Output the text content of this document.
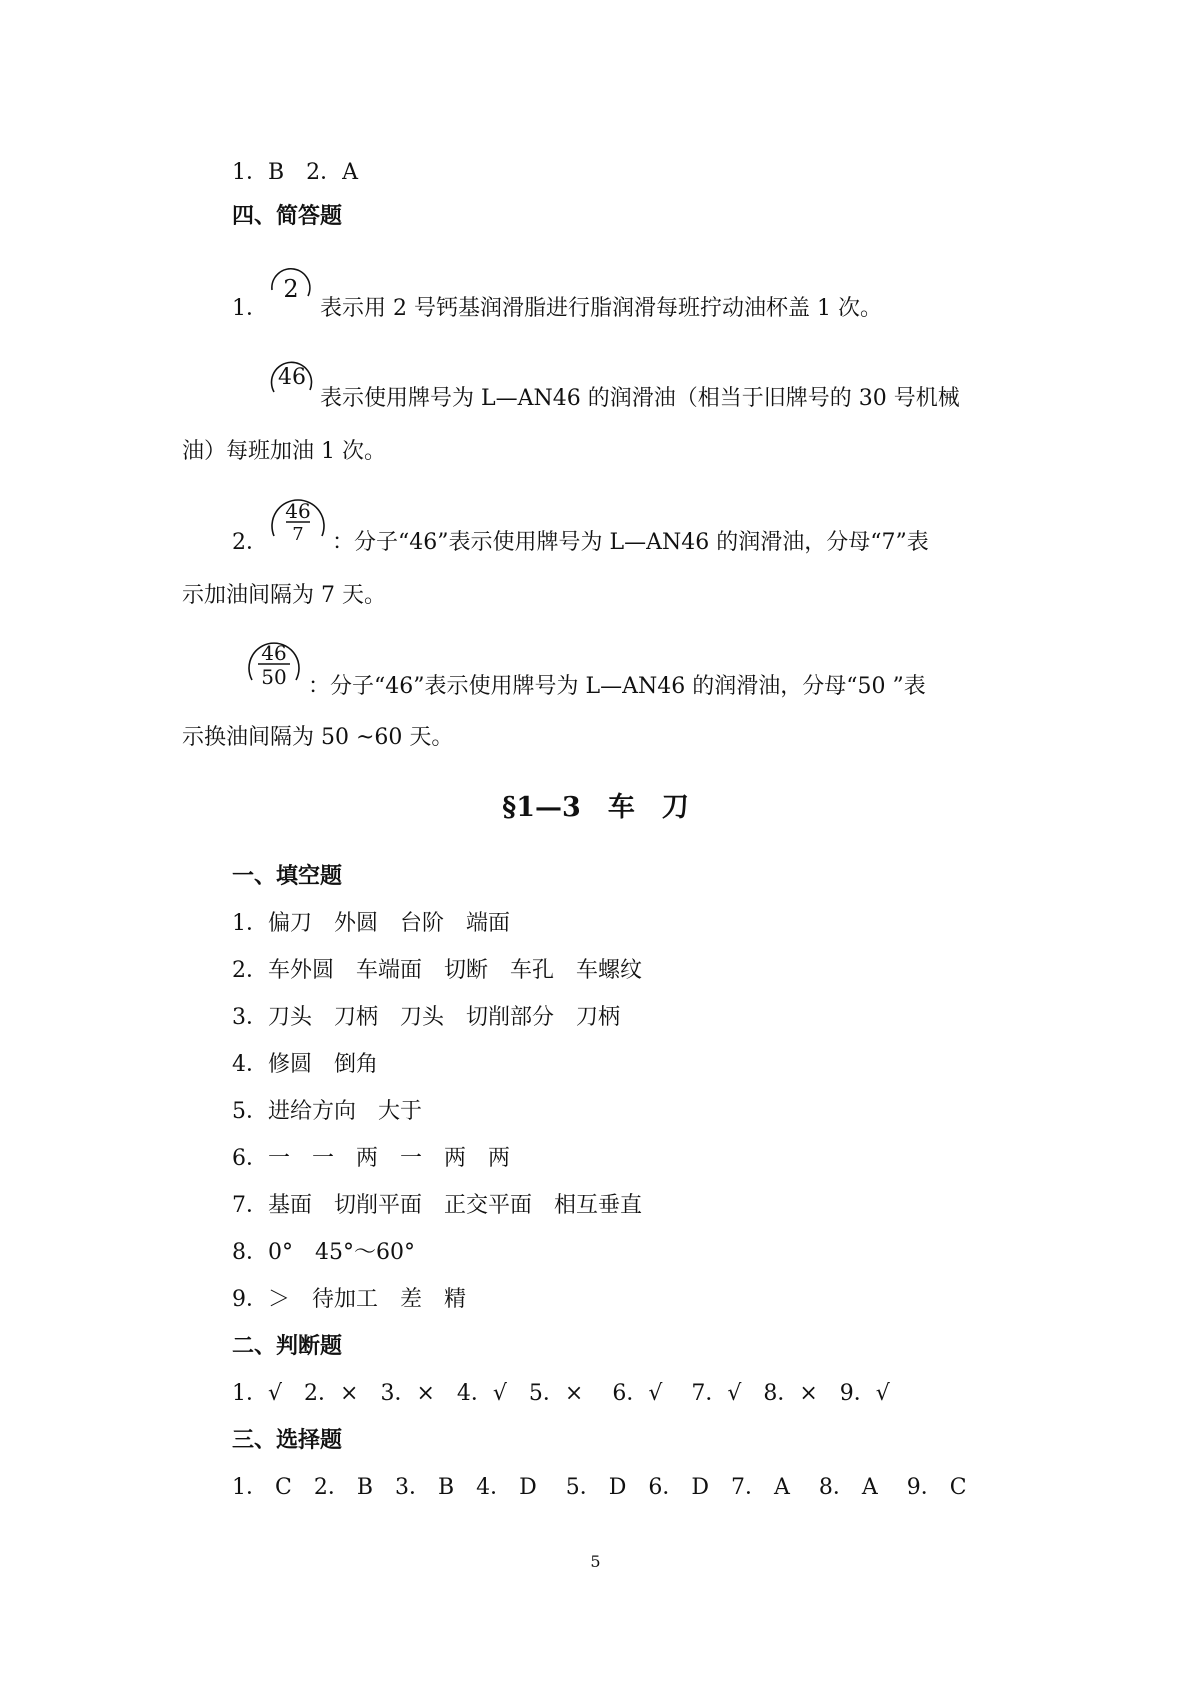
1．B　2．A
四、简答题
1．
2
表示用 2 号钙基润滑脂进行脂润滑每班拧动油杯盖 1 次。
46
表示使用牌号为 L—AN46 的润滑油（相当于旧牌号的 30 号机械
油）每班加油 1 次。
2．
46
7 ：分子“46”表示使用牌号为 L—AN46 的润滑油，分母“7”表
示加油间隔为 7 天。
46
50 ：分子“46”表示使用牌号为 L—AN46 的润滑油，分母“50 ”表
示换油间隔为 50 ~60 天。
§1—3　车　刀
一、填空题
1．偏刀　外圆　台阶　端面
2．车外圆　车端面　切断　车孔　车螺纹
3．刀头　刀柄　刀头　切削部分　刀柄
4．修圆　倒角
5．进给方向　大于
6．一　一　两　一　两　两
7．基面　切削平面　正交平面　相互垂直
8．0°　45°～60°
9．＞　待加工　差　精
二、判断题
1．√　2．×　3．×　4．√　5．×　 6．√　 7．√　8．×　9．√
三、选择题
1． C　2． B　3． B　4． D　 5． D　6． D　7． A　 8． A　 9． C
5
